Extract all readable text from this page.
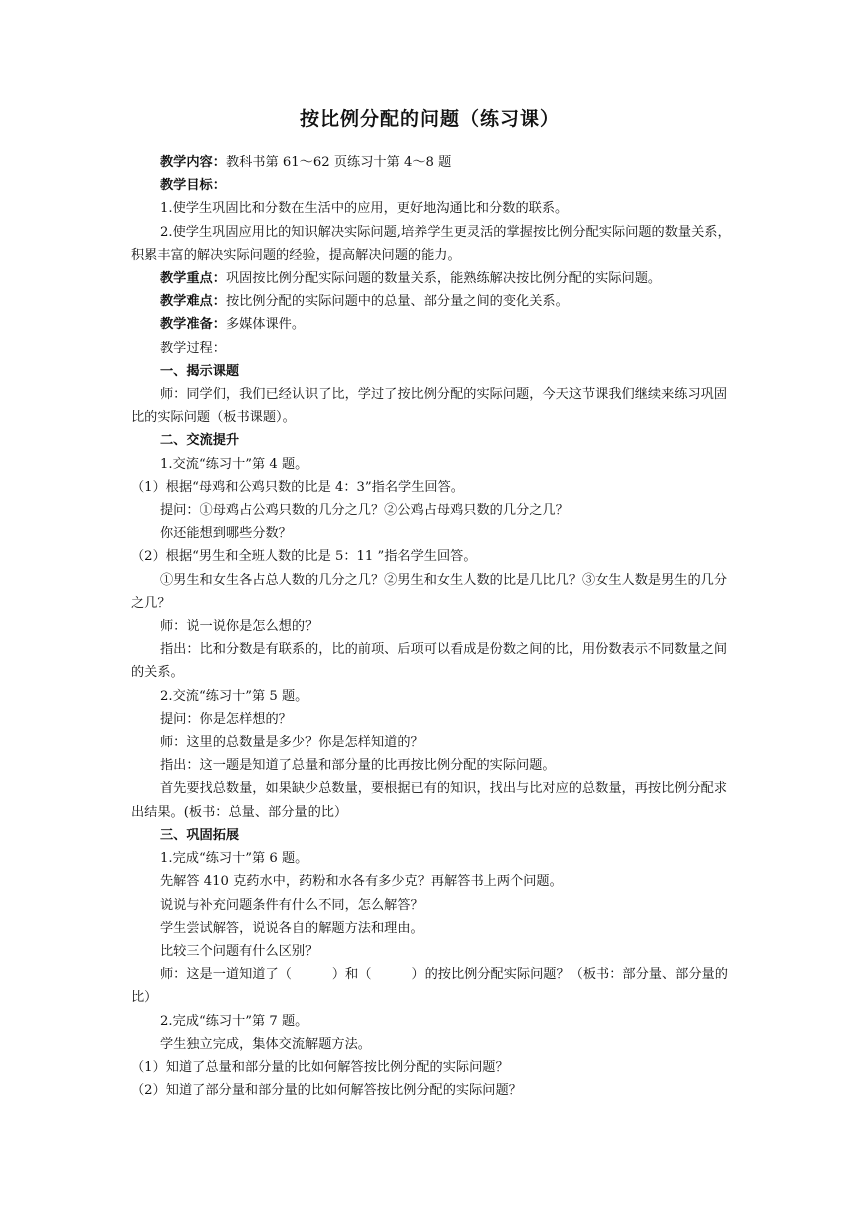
按比例分配的问题（练习课）

教学内容：教科书第 61～62 页练习十第 4～8 题

教学目标：

1.使学生巩固比和分数在生活中的应用，更好地沟通比和分数的联系。

2.使学生巩固应用比的知识解决实际问题,培养学生更灵活的掌握按比例分配实际问题的数量关系，积累丰富的解决实际问题的经验，提高解决问题的能力。

教学重点：巩固按比例分配实际问题的数量关系，能熟练解决按比例分配的实际问题。

教学难点：按比例分配的实际问题中的总量、部分量之间的变化关系。

教学准备：多媒体课件。

教学过程：

一、揭示课题

师：同学们，我们已经认识了比，学过了按比例分配的实际问题，今天这节课我们继续来练习巩固比的实际问题（板书课题）。

二、交流提升

1.交流“练习十”第 4 题。

（1）根据“母鸡和公鸡只数的比是 4：3”指名学生回答。

提问：①母鸡占公鸡只数的几分之几？②公鸡占母鸡只数的几分之几？

你还能想到哪些分数？

（2）根据“男生和全班人数的比是 5：11 ”指名学生回答。

①男生和女生各占总人数的几分之几？②男生和女生人数的比是几比几？③女生人数是男生的几分之几？

师：说一说你是怎么想的？

指出：比和分数是有联系的，比的前项、后项可以看成是份数之间的比，用份数表示不同数量之间的关系。

2.交流“练习十”第 5 题。

提问：你是怎样想的？

师：这里的总数量是多少？你是怎样知道的？

指出：这一题是知道了总量和部分量的比再按比例分配的实际问题。

首先要找总数量，如果缺少总数量，要根据已有的知识，找出与比对应的总数量，再按比例分配求出结果。(板书：总量、部分量的比）

三、巩固拓展

1.完成“练习十”第 6 题。

先解答 410 克药水中，药粉和水各有多少克？再解答书上两个问题。

说说与补充问题条件有什么不同，怎么解答？

学生尝试解答，说说各自的解题方法和理由。

比较三个问题有什么区别？

师：这是一道知道了（	）和（	）的按比例分配实际问题？（板书：部分量、部分量的比）

2.完成“练习十”第 7 题。

学生独立完成，集体交流解题方法。

（1）知道了总量和部分量的比如何解答按比例分配的实际问题？

（2）知道了部分量和部分量的比如何解答按比例分配的实际问题？
